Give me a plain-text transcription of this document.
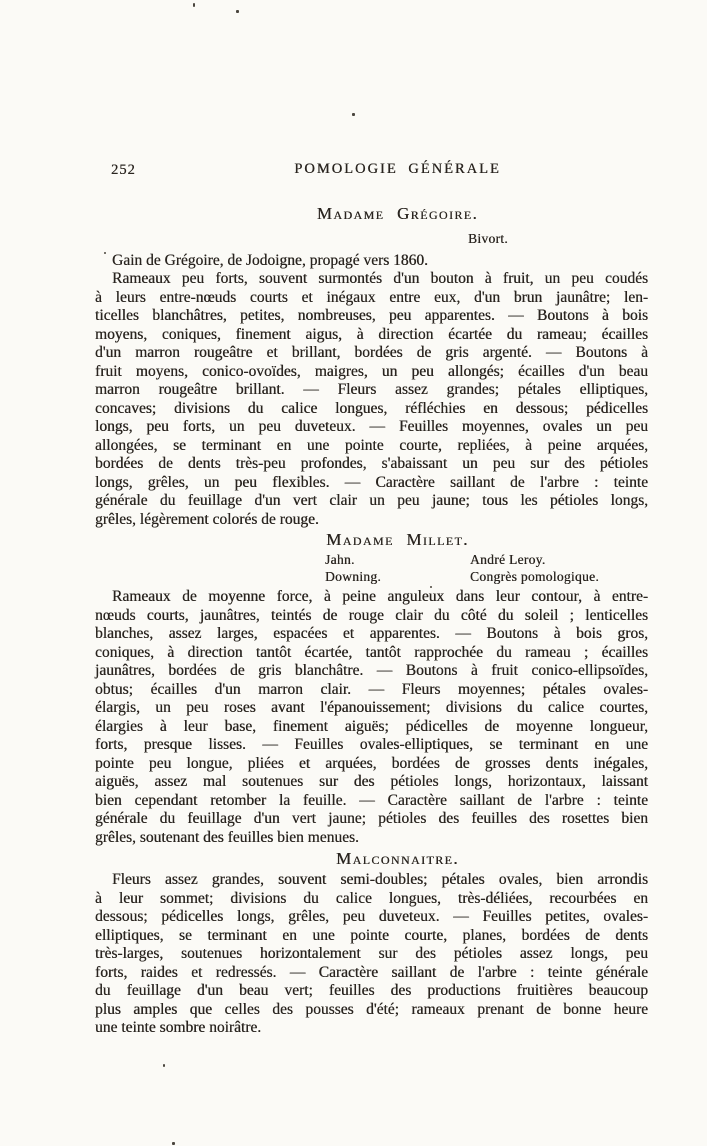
252	POMOLOGIE GÉNÉRALE
Madame Grégoire.
Bivort.
Gain de Grégoire, de Jodoigne, propagé vers 1860.
Rameaux peu forts, souvent surmontés d'un bouton à fruit, un peu coudés
à leurs entre-nœuds courts et inégaux entre eux, d'un brun jaunâtre; len-
ticelles blanchâtres, petites, nombreuses, peu apparentes. — Boutons à bois
moyens, coniques, finement aigus, à direction écartée du rameau; écailles
d'un marron rougeâtre et brillant, bordées de gris argenté. — Boutons à
fruit moyens, conico-ovoïdes, maigres, un peu allongés; écailles d'un beau
marron rougeâtre brillant. — Fleurs assez grandes; pétales elliptiques,
concaves; divisions du calice longues, réfléchies en dessous; pédicelles
longs, peu forts, un peu duveteux. — Feuilles moyennes, ovales un peu
allongées, se terminant en une pointe courte, repliées, à peine arquées,
bordées de dents très-peu profondes, s'abaissant un peu sur des pétioles
longs, grêles, un peu flexibles. — Caractère saillant de l'arbre : teinte
générale du feuillage d'un vert clair un peu jaune; tous les pétioles longs,
grêles, légèrement colorés de rouge.
Madame Millet.
Jahn.
Downing.
André Leroy.
Congrès pomologique.
Rameaux de moyenne force, à peine anguleux dans leur contour, à entre-
nœuds courts, jaunâtres, teintés de rouge clair du côté du soleil ; lenticelles
blanches, assez larges, espacées et apparentes. — Boutons à bois gros,
coniques, à direction tantôt écartée, tantôt rapprochée du rameau ; écailles
jaunâtres, bordées de gris blanchâtre. — Boutons à fruit conico-ellipsoïdes,
obtus; écailles d'un marron clair. — Fleurs moyennes; pétales ovales-
élargis, un peu roses avant l'épanouissement; divisions du calice courtes,
élargies à leur base, finement aiguës; pédicelles de moyenne longueur,
forts, presque lisses. — Feuilles ovales-elliptiques, se terminant en une
pointe peu longue, pliées et arquées, bordées de grosses dents inégales,
aiguës, assez mal soutenues sur des pétioles longs, horizontaux, laissant
bien cependant retomber la feuille. — Caractère saillant de l'arbre : teinte
générale du feuillage d'un vert jaune; pétioles des feuilles des rosettes bien
grêles, soutenant des feuilles bien menues.
Malconnaitre.
Fleurs assez grandes, souvent semi-doubles; pétales ovales, bien arrondis
à leur sommet; divisions du calice longues, très-déliées, recourbées en
dessous; pédicelles longs, grêles, peu duveteux. — Feuilles petites, ovales-
elliptiques, se terminant en une pointe courte, planes, bordées de dents
très-larges, soutenues horizontalement sur des pétioles assez longs, peu
forts, raides et redressés. — Caractère saillant de l'arbre : teinte générale
du feuillage d'un beau vert; feuilles des productions fruitières beaucoup
plus amples que celles des pousses d'été; rameaux prenant de bonne heure
une teinte sombre noirâtre.
